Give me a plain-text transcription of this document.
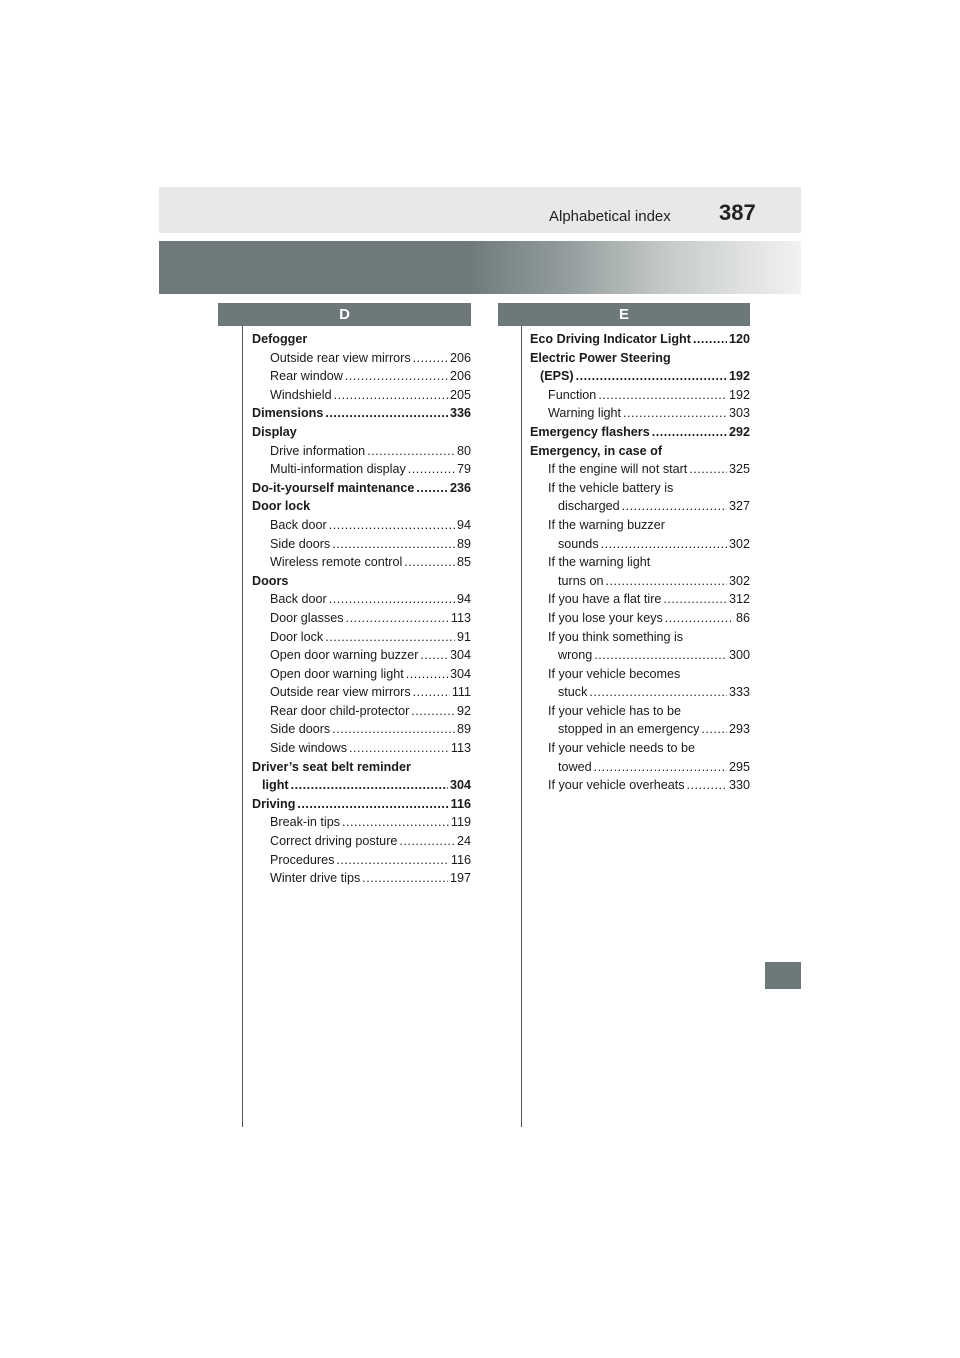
Alphabetical index 387
D	E
Defogger
Outside rear view mirrors .....	206
Rear window .....	206
Windshield .....	205
Dimensions .....	336
Display
Drive information .....	80
Multi-information display .....	79
Do-it-yourself maintenance .....	236
Door lock
Back door .....	94
Side doors .....	89
Wireless remote control .....	85
Doors
Back door .....	94
Door glasses .....	113
Door lock .....	91
Open door warning buzzer .....	304
Open door warning light .....	304
Outside rear view mirrors .....	111
Rear door child-protector .....	92
Side doors .....	89
Side windows .....	113
Driver’s seat belt reminder
light .....	304
Driving .....	116
Break-in tips .....	119
Correct driving posture .....	24
Procedures .....	116
Winter drive tips .....	197
Eco Driving Indicator Light .....	120
Electric Power Steering
(EPS) .....	192
Function .....	192
Warning light .....	303
Emergency flashers .....	292
Emergency, in case of
If the engine will not start .....	325
If the vehicle battery is
discharged .....	327
If the warning buzzer
sounds .....	302
If the warning light
turns on .....	302
If you have a flat tire .....	312
If you lose your keys .....	86
If you think something is
wrong .....	300
If your vehicle becomes
stuck .....	333
If your vehicle has to be
stopped in an emergency ..... 293
If your vehicle needs to be
towed .....	295
If your vehicle overheats .....	330
